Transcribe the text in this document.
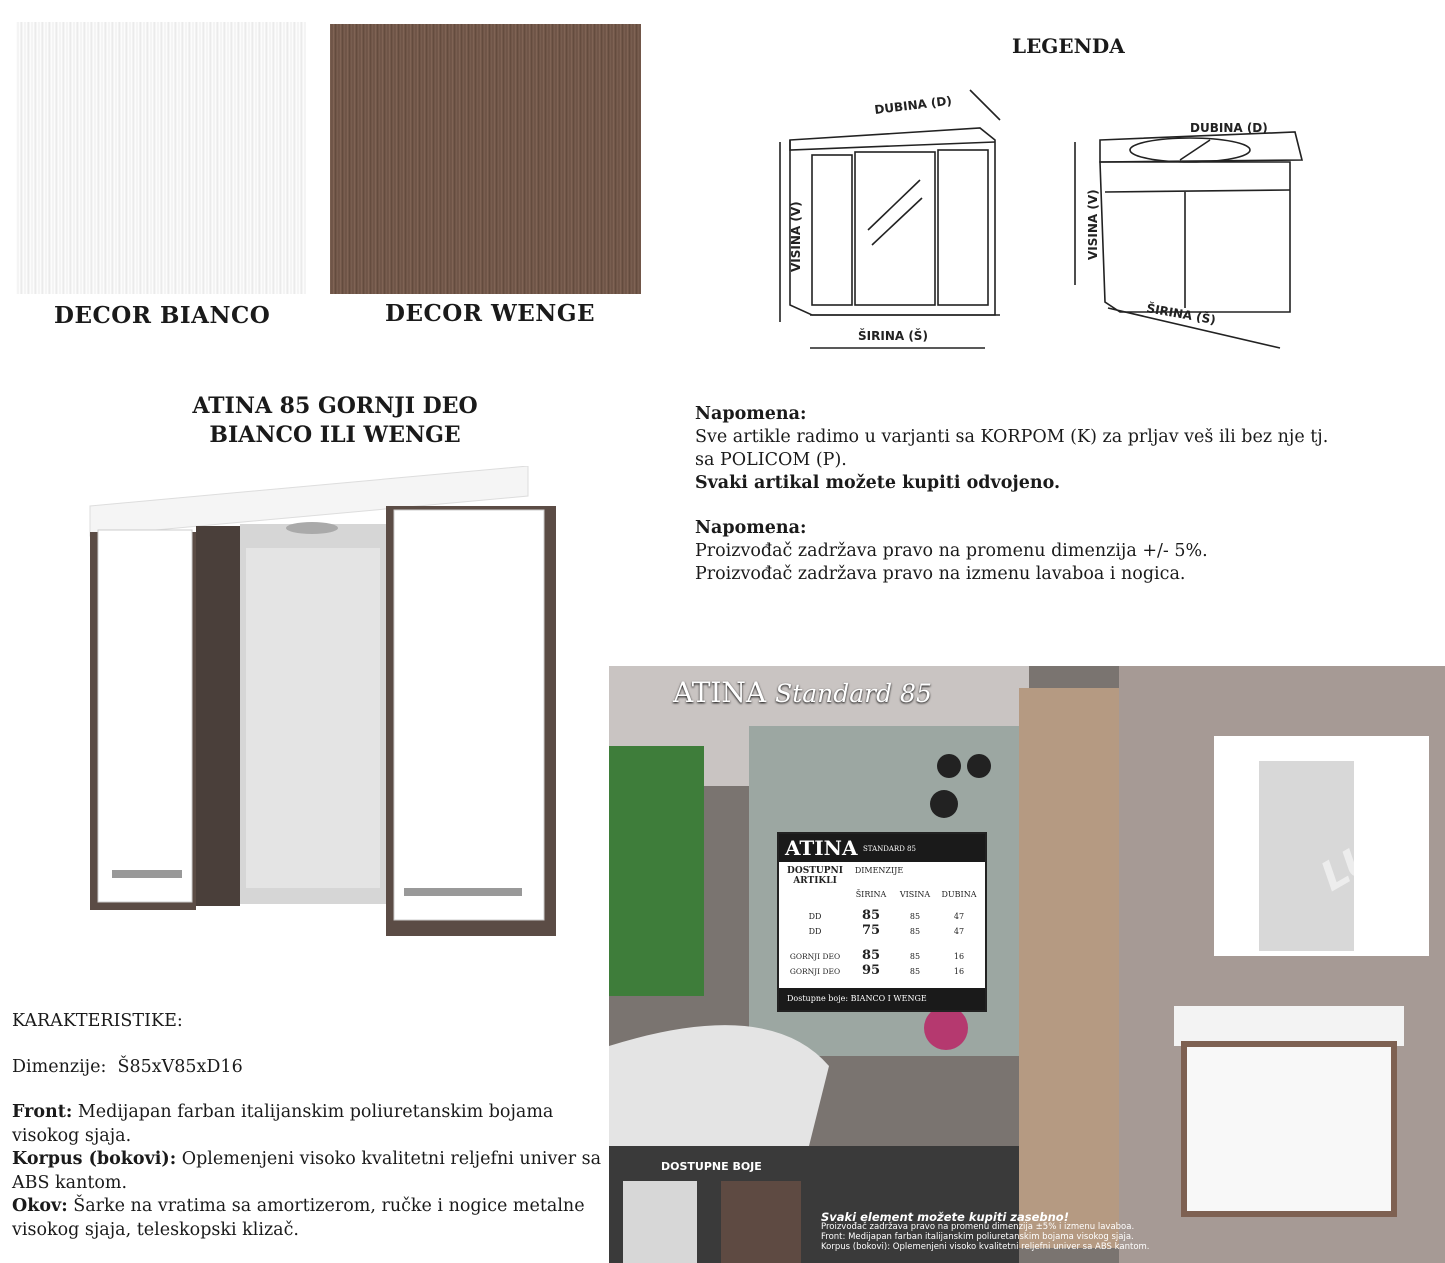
DECOR BIANCO	DECOR WENGE
LEGENDA
DUBINA (D)
VISINA (V)
ŠIRINA (Š)
DUBINA (D)
VISINA (V)
ŠIRINA (Š)
ATINA 85 GORNJI DEO
BIANCO ILI WENGE
Napomena:
Sve artikle radimo u varjanti sa KORPOM (K) za prljav veš ili bez nje tj.
sa POLICOM (P).
Svaki artikal možete kupiti odvojeno.
Napomena:
Proizvođač zadržava pravo na promenu dimenzija +/- 5%.
Proizvođač zadržava pravo na izmenu lavaboa i nogica.
KARAKTERISTIKE:
Dimenzije: Š85xV85xD16
Front: Medijapan farban italijanskim poliuretanskim bojama visokog sjaja.
Korpus (bokovi): Oplemenjeni visoko kvalitetni reljefni univer sa ABS kantom.
Okov: Šarke na vratima sa amortizerom, ručke i nogice metalne visokog sjaja, teleskopski klizač.
ATINA Standard 85
ATINA STANDARD 85
DOSTUPNI ARTIKLI
DIMENZIJE
ŠIRINA	VISINA	DUBINA
DD	85	85	47
DD	75	85	47
GORNJI DEO	85	85	16
GORNJI DEO	95	85	16
Dostupne boje: BIANCO I WENGE
DOSTUPNE BOJE
LUX
Svaki element možete kupiti zasebno!
Proizvođač zadržava pravo na promenu dimenzija ±5% i izmenu lavaboa.
Front: Medijapan farban italijanskim poliuretanskim bojama visokog sjaja.
Korpus (bokovi): Oplemenjeni visoko kvalitetni reljefni univer sa ABS kantom.
